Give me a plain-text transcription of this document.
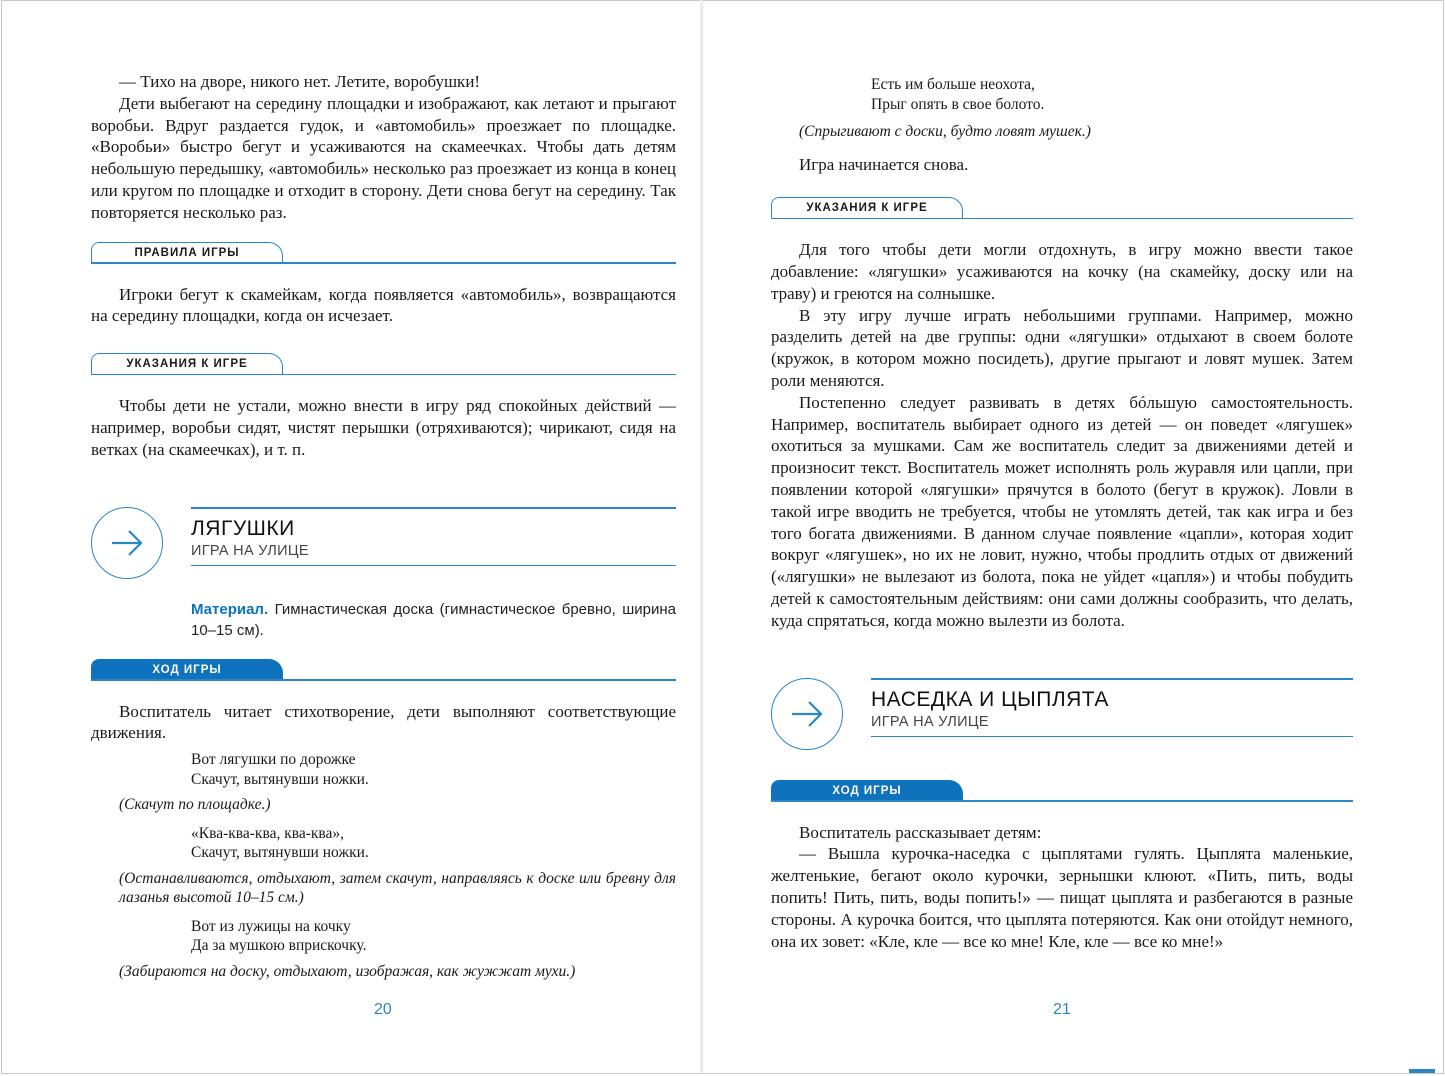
— Тихо на дворе, никого нет. Летите, воробушки!

Дети выбегают на середину площадки и изображают, как летают и прыгают воробьи. Вдруг раздается гудок, и «автомобиль» проезжает по площадке. «Воробьи» быстро бегут и усаживаются на скамеечках. Чтобы дать детям небольшую передышку, «автомобиль» несколько раз проезжает из конца в конец или кругом по площадке и отходит в сторону. Дети снова бегут на середину. Так повторяется несколько раз.

ПРАВИЛА ИГРЫ

Игроки бегут к скамейкам, когда появляется «автомобиль», возвращаются на середину площадки, когда он исчезает.

УКАЗАНИЯ К ИГРЕ

Чтобы дети не устали, можно внести в игру ряд спокойных действий — например, воробьи сидят, чистят перышки (отряхиваются); чирикают, сидя на ветках (на скамеечках), и т. п.

ЛЯГУШКИ
ИГРА НА УЛИЦЕ
Материал. Гимнастическая доска (гимнастическое бревно, ширина 10–15 см).
ХОД ИГРЫ

Воспитатель читает стихотворение, дети выполняют соответствующие движения.

Вот лягушки по дорожке
Скачут, вытянувши ножки.
(Скачут по площадке.)
«Ква-ква-ква, ква-ква»,
Скачут, вытянувши ножки.
(Останавливаются, отдыхают, затем скачут, направляясь к доске или бревну для лазанья высотой 10–15 см.)
Вот из лужицы на кочку
Да за мушкою вприскочку.
(Забираются на доску, отдыхают, изображая, как жужжат мухи.)
20
Есть им больше неохота,
Прыг опять в свое болото.
(Спрыгивают с доски, будто ловят мушек.)

Игра начинается снова.

УКАЗАНИЯ К ИГРЕ

Для того чтобы дети могли отдохнуть, в игру можно ввести такое добавление: «лягушки» усаживаются на кочку (на скамейку, доску или на траву) и греются на солнышке.

В эту игру лучше играть небольшими группами. Например, можно разделить детей на две группы: одни «лягушки» отдыхают в своем болоте (кружок, в котором можно посидеть), другие прыгают и ловят мушек. Затем роли меняются.

Постепенно следует развивать в детях бóльшую самостоятельность. Например, воспитатель выбирает одного из детей — он поведет «лягушек» охотиться за мушками. Сам же воспитатель следит за движениями детей и произносит текст. Воспитатель может исполнять роль журавля или цапли, при появлении которой «лягушки» прячутся в болото (бегут в кружок). Ловли в такой игре вводить не требуется, чтобы не утомлять детей, так как игра и без того богата движениями. В данном случае появление «цапли», которая ходит вокруг «лягушек», но их не ловит, нужно, чтобы продлить отдых от движений («лягушки» не вылезают из болота, пока не уйдет «цапля») и чтобы побудить детей к самостоятельным действиям: они сами должны сообразить, что делать, куда спрятаться, когда можно вылезти из болота.

НАСЕДКА И ЦЫПЛЯТА
ИГРА НА УЛИЦЕ
ХОД ИГРЫ

Воспитатель рассказывает детям:

— Вышла курочка-наседка с цыплятами гулять. Цыплята маленькие, желтенькие, бегают около курочки, зернышки клюют. «Пить, пить, воды попить! Пить, пить, воды попить!» — пищат цыплята и разбегаются в разные стороны. А курочка боится, что цыплята потеряются. Как они отойдут немного, она их зовет: «Кле, кле — все ко мне! Кле, кле — все ко мне!»

21
